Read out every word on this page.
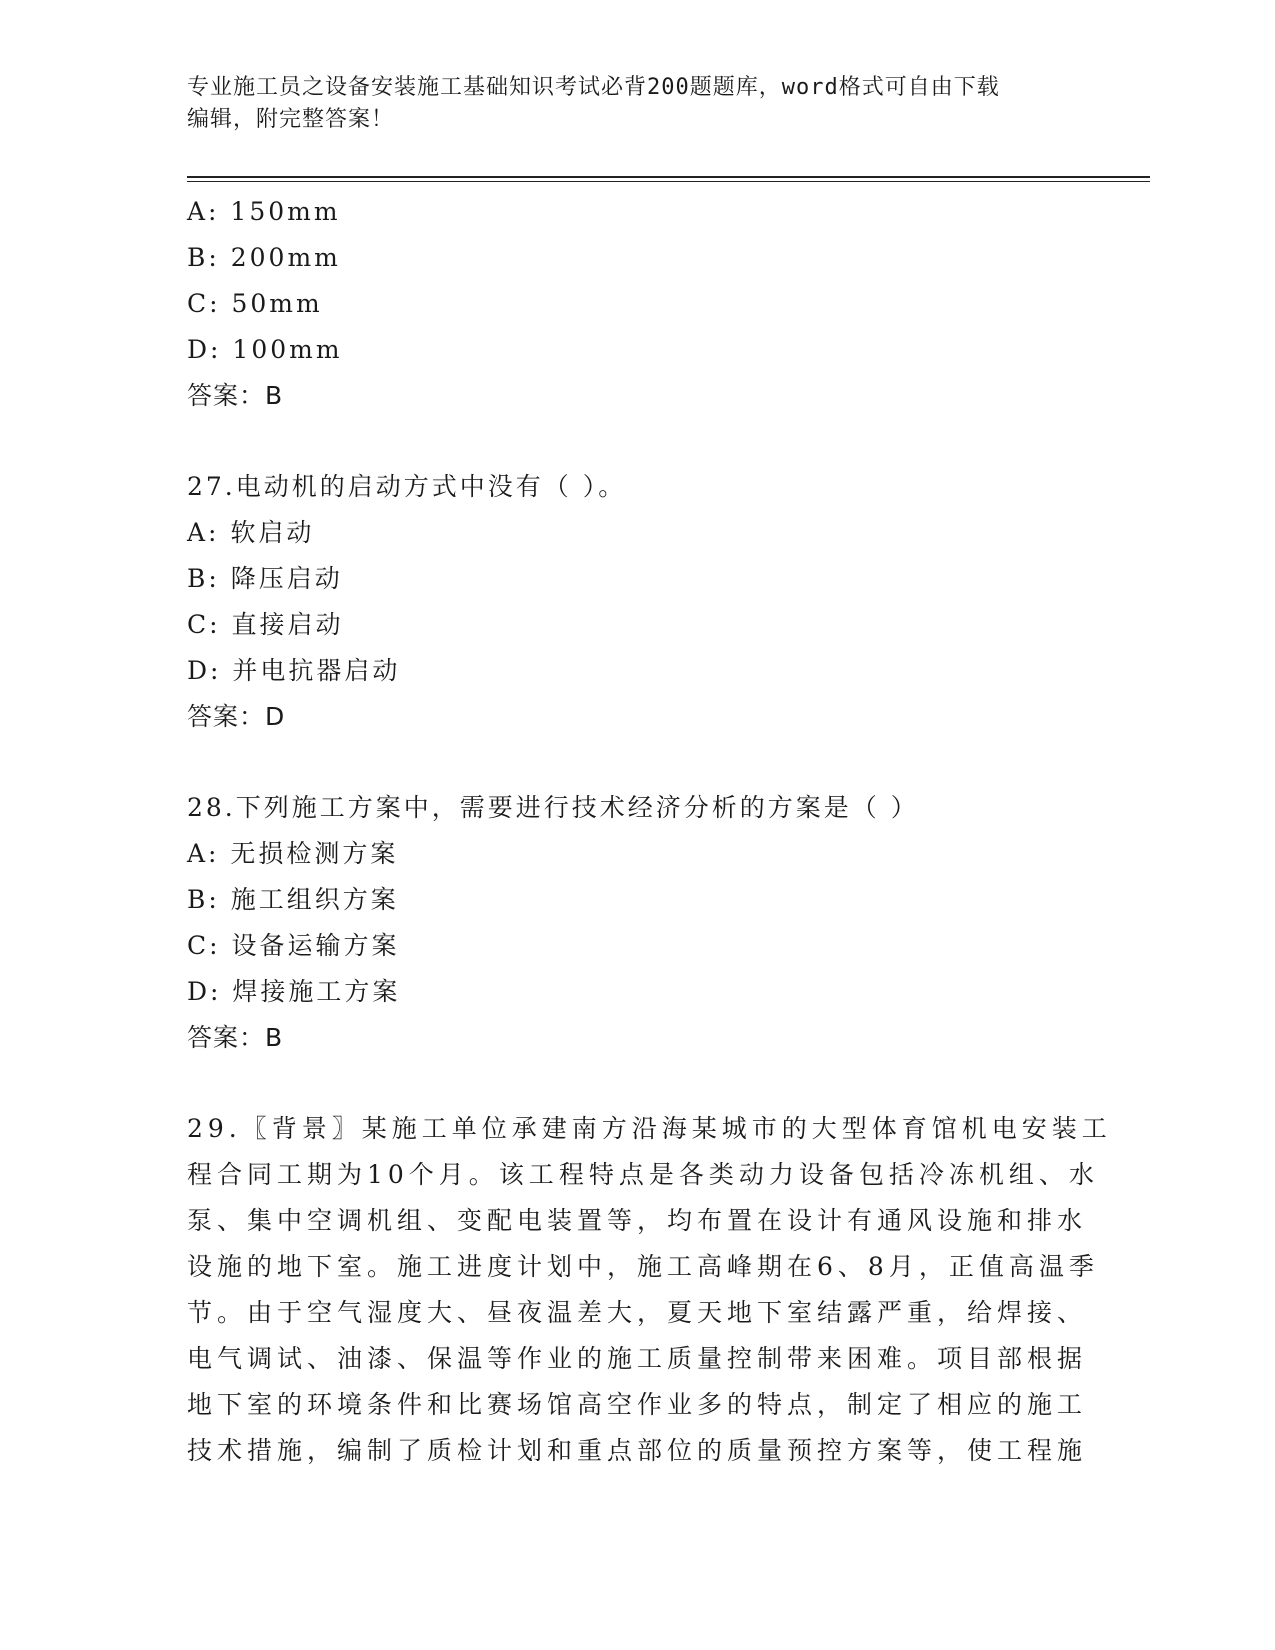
专业施工员之设备安装施工基础知识考试必背200题题库，word格式可自由下载
编辑，附完整答案！
A: 150mm
B: 200mm
C: 50mm
D: 100mm
答案：B
27.电动机的启动方式中没有（ ）。
A: 软启动
B: 降压启动
C: 直接启动
D: 并电抗器启动
答案：D
28.下列施工方案中，需要进行技术经济分析的方案是（ ）
A: 无损检测方案
B: 施工组织方案
C: 设备运输方案
D: 焊接施工方案
答案：B
29.〖背景〗某施工单位承建南方沿海某城市的大型体育馆机电安装工
程合同工期为10个月。该工程特点是各类动力设备包括冷冻机组、水
泵、集中空调机组、变配电装置等，均布置在设计有通风设施和排水
设施的地下室。施工进度计划中，施工高峰期在6、8月，正值高温季
节。由于空气湿度大、昼夜温差大，夏天地下室结露严重，给焊接、
电气调试、油漆、保温等作业的施工质量控制带来困难。项目部根据
地下室的环境条件和比赛场馆高空作业多的特点，制定了相应的施工
技术措施，编制了质检计划和重点部位的质量预控方案等，使工程施
